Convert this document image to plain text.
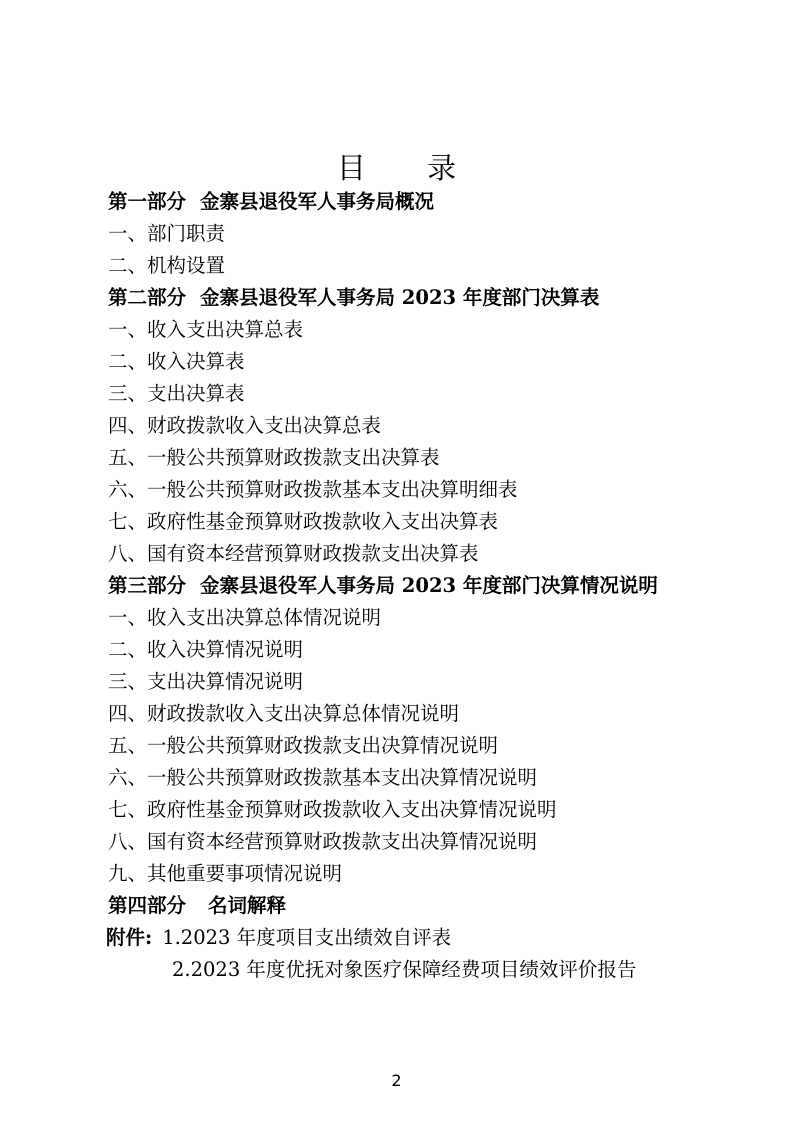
目 录
第一部分 金寨县退役军人事务局概况
一、部门职责
二、机构设置
第二部分 金寨县退役军人事务局 2023 年度部门决算表
一、收入支出决算总表
二、收入决算表
三、支出决算表
四、财政拨款收入支出决算总表
五、一般公共预算财政拨款支出决算表
六、一般公共预算财政拨款基本支出决算明细表
七、政府性基金预算财政拨款收入支出决算表
八、国有资本经营预算财政拨款支出决算表
第三部分 金寨县退役军人事务局 2023 年度部门决算情况说明
一、收入支出决算总体情况说明
二、收入决算情况说明
三、支出决算情况说明
四、财政拨款收入支出决算总体情况说明
五、一般公共预算财政拨款支出决算情况说明
六、一般公共预算财政拨款基本支出决算情况说明
七、政府性基金预算财政拨款收入支出决算情况说明
八、国有资本经营预算财政拨款支出决算情况说明
九、其他重要事项情况说明
第四部分 名词解释
附件: 1.2023 年度项目支出绩效自评表
2.2023 年度优抚对象医疗保障经费项目绩效评价报告
2
